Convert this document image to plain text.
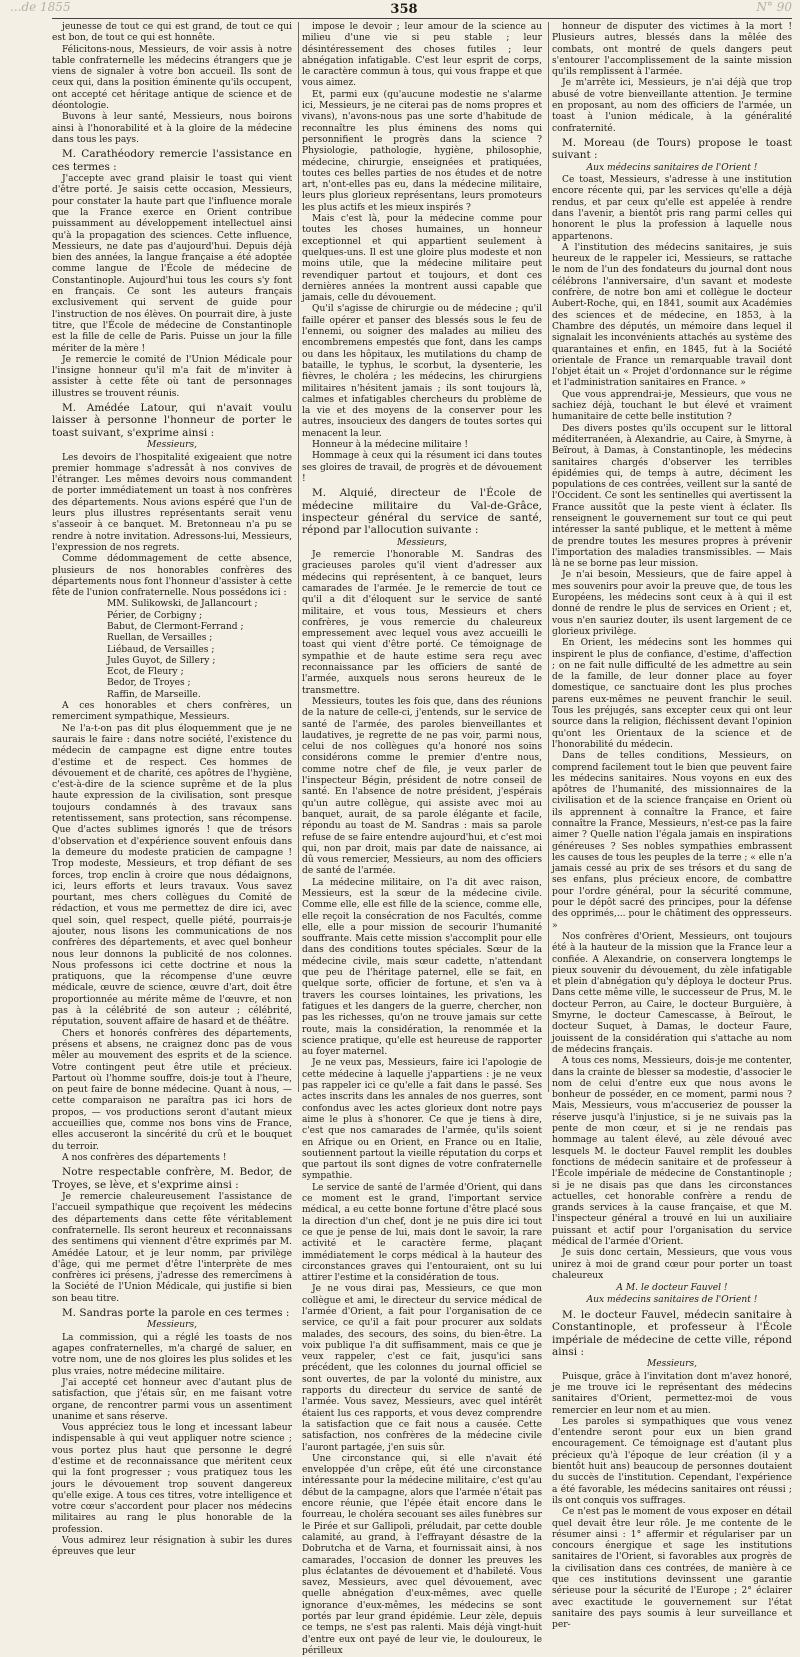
...de 1855	358	N° 90

jeunesse de tout ce qui est grand, de tout ce qui est bon, de tout ce qui est honnête.

Félicitons-nous, Messieurs, de voir assis à notre table confraternelle les médecins étrangers que je viens de signaler à votre bon accueil. Ils sont de ceux qui, dans la position éminente qu'ils occupent, ont accepté cet héritage antique de science et de déontologie.

Buvons à leur santé, Messieurs, nous boirons ainsi à l'honorabilité et à la gloire de la médecine dans tous les pays.

M. Carathéodory remercie l'assistance en ces termes :

J'accepte avec grand plaisir le toast qui vient d'être porté. Je saisis cette occasion, Messieurs, pour constater la haute part que l'influence morale que la France exerce en Orient contribue puissamment au développement intellectuel ainsi qu'à la propagation des sciences. Cette influence, Messieurs, ne date pas d'aujourd'hui. Depuis déjà bien des années, la langue française a été adoptée comme langue de l'École de médecine de Constantinople. Aujourd'hui tous les cours s'y font en français. Ce sont les auteurs français exclusivement qui servent de guide pour l'instruction de nos élèves. On pourrait dire, à juste titre, que l'École de médecine de Constantinople est la fille de celle de Paris. Puisse un jour la fille mériter de la mère !

Je remercie le comité de l'Union Médicale pour l'insigne honneur qu'il m'a fait de m'inviter à assister à cette fête où tant de personnages illustres se trouvent réunis.

M. Amédée Latour, qui n'avait voulu laisser à personne l'honneur de porter le toast suivant, s'exprime ainsi :

Messieurs,

Les devoirs de l'hospitalité exigeaient que notre premier hommage s'adressât à nos convives de l'étranger. Les mêmes devoirs nous commandent de porter immédiatement un toast à nos confrères des départements. Nous avions espéré que l'un de leurs plus illustres représentants serait venu s'asseoir à ce banquet. M. Bretonneau n'a pu se rendre à notre invitation. Adressons-lui, Messieurs, l'expression de nos regrets.

Comme dédommagement de cette absence, plusieurs de nos honorables confrères des départements nous font l'honneur d'assister à cette fête de l'union confraternelle. Nous possédons ici :

MM. Sulikowski, de Jallancourt ;

Périer, de Corbigny ;

Babut, de Clermont-Ferrand ;

Ruellan, de Versailles ;

Liébaud, de Versailles ;

Jules Guyot, de Sillery ;

Ecot, de Fleury ;

Bedor, de Troyes ;

Raffin, de Marseille.

A ces honorables et chers confrères, un remerciment sympathique, Messieurs.

Ne l'a-t-on pas dit plus éloquemment que je ne saurais le faire : dans notre société, l'existence du médecin de campagne est digne entre toutes d'estime et de respect. Ces hommes de dévouement et de charité, ces apôtres de l'hygiène, c'est-à-dire de la science suprême et de la plus haute expression de la civilisation, sont presque toujours condamnés à des travaux sans retentissement, sans protection, sans récompense. Que d'actes sublimes ignorés ! que de trésors d'observation et d'expérience souvent enfouis dans la demeure du modeste praticien de campagne ! Trop modeste, Messieurs, et trop défiant de ses forces, trop enclin à croire que nous dédaignons, ici, leurs efforts et leurs travaux. Vous savez pourtant, mes chers collègues du Comité de rédaction, et vous me permettez de dire ici, avec quel soin, quel respect, quelle piété, pourrais-je ajouter, nous lisons les communications de nos confrères des départements, et avec quel bonheur nous leur donnons la publicité de nos colonnes. Nous professons ici cette doctrine et nous la pratiquons, que la récompense d'une œuvre médicale, œuvre de science, œuvre d'art, doit être proportionnée au mérite même de l'œuvre, et non pas à la célébrité de son auteur ; célébrité, réputation, souvent affaire de hasard et de théâtre.

Chers et honorés confrères des départements, présens et absens, ne craignez donc pas de vous mêler au mouvement des esprits et de la science. Votre contingent peut être utile et précieux. Partout où l'homme souffre, dois-je tout à l'heure, on peut faire de bonne médecine. Quant à nous, — cette comparaison ne paraîtra pas ici hors de propos, — vos productions seront d'autant mieux accueillies que, comme nos bons vins de France, elles accuseront la sincérité du crû et le bouquet du terroir.

A nos confrères des départements !

Notre respectable confrère, M. Bedor, de Troyes, se lève, et s'exprime ainsi :

Je remercie chaleureusement l'assistance de l'accueil sympathique que reçoivent les médecins des départements dans cette fête véritablement confraternelle. Ils seront heureux et reconnaissans des sentimens qui viennent d'être exprimés par M. Amédée Latour, et je leur nomm, par privilège d'âge, qui me permet d'être l'interprète de mes confrères ici présens, j'adresse des remercîmens à la Société de l'Union Médicale, qui justifie si bien son beau titre.

M. Sandras porte la parole en ces termes :

Messieurs,

La commission, qui a réglé les toasts de nos agapes confraternelles, m'a chargé de saluer, en votre nom, une de nos gloires les plus solides et les plus vraies, notre médecine militaire.

J'ai accepté cet honneur avec d'autant plus de satisfaction, que j'étais sûr, en me faisant votre organe, de rencontrer parmi vous un assentiment unanime et sans réserve.

Vous appréciez tous le long et incessant labeur indispensable à qui veut appliquer notre science ; vous portez plus haut que personne le degré d'estime et de reconnaissance que méritent ceux qui la font progresser ; vous pratiquez tous les jours le dévouement trop souvent dangereux qu'elle exige. A tous ces titres, votre intelligence et votre cœur s'accordent pour placer nos médecins militaires au rang le plus honorable de la profession.

Vous admirez leur résignation à subir les dures épreuves que leur

impose le devoir ; leur amour de la science au milieu d'une vie si peu stable ; leur désintéressement des choses futiles ; leur abnégation infatigable. C'est leur esprit de corps, le caractère commun à tous, qui vous frappe et que vous aimez.

Et, parmi eux (qu'aucune modestie ne s'alarme ici, Messieurs, je ne citerai pas de noms propres et vivans), n'avons-nous pas une sorte d'habitude de reconnaître les plus éminens des noms qui personnifient le progrès dans la science ? Physiologie, pathologie, hygiène, philosophie, médecine, chirurgie, enseignées et pratiquées, toutes ces belles parties de nos études et de notre art, n'ont-elles pas eu, dans la médecine militaire, leurs plus glorieux représentans, leurs promoteurs les plus actifs et les mieux inspirés ?

Mais c'est là, pour la médecine comme pour toutes les choses humaines, un honneur exceptionnel et qui appartient seulement à quelques-uns. Il est une gloire plus modeste et non moins utile, que la médecine militaire peut revendiquer partout et toujours, et dont ces dernières années la montrent aussi capable que jamais, celle du dévouement.

Qu'il s'agisse de chirurgie ou de médecine ; qu'il faille opérer et panser des blessés sous le feu de l'ennemi, ou soigner des malades au milieu des encombremens empestés que font, dans les camps ou dans les hôpitaux, les mutilations du champ de bataille, le typhus, le scorbut, la dysenterie, les fièvres, le choléra ; les médecins, les chirurgiens militaires n'hésitent jamais ; ils sont toujours là, calmes et infatigables chercheurs du problème de la vie et des moyens de la conserver pour les autres, insoucieux des dangers de toutes sortes qui menacent la leur.

Honneur à la médecine militaire !

Hommage à ceux qui la résument ici dans toutes ses gloires de travail, de progrès et de dévouement !

M. Alquié, directeur de l'École de médecine militaire du Val-de-Grâce, inspecteur général du service de santé, répond par l'allocution suivante :

Messieurs,

Je remercie l'honorable M. Sandras des gracieuses paroles qu'il vient d'adresser aux médecins qui représentent, à ce banquet, leurs camarades de l'armée. Je le remercie de tout ce qu'il a dit d'éloquent sur le service de santé militaire, et vous tous, Messieurs et chers confrères, je vous remercie du chaleureux empressement avec lequel vous avez accueilli le toast qui vient d'être porté. Ce témoignage de sympathie et de haute estime sera reçu avec reconnaissance par les officiers de santé de l'armée, auxquels nous serons heureux de le transmettre.

Messieurs, toutes les fois que, dans des réunions de la nature de celle-ci, j'entends, sur le service de santé de l'armée, des paroles bienveillantes et laudatives, je regrette de ne pas voir, parmi nous, celui de nos collègues qu'a honoré nos soins considérons comme le premier d'entre nous, comme notre chef de file, je veux parler de l'inspecteur Bégin, président de notre conseil de santé. En l'absence de notre président, j'espérais qu'un autre collègue, qui assiste avec moi au banquet, aurait, de sa parole élégante et facile, répondu au toast de M. Sandras : mais sa parole refuse de se faire entendre aujourd'hui, et c'est moi qui, non par droit, mais par date de naissance, ai dû vous remercier, Messieurs, au nom des officiers de santé de l'armée.

La médecine militaire, on l'a dit avec raison, Messieurs, est la sœur de la médecine civile. Comme elle, elle est fille de la science, comme elle, elle reçoit la consécration de nos Facultés, comme elle, elle a pour mission de secourir l'humanité souffrante. Mais cette mission s'accomplit pour elle dans des conditions toutes spéciales. Sœur de la médecine civile, mais sœur cadette, n'attendant que peu de l'héritage paternel, elle se fait, en quelque sorte, officier de fortune, et s'en va à travers les courses lointaines, les privations, les fatigues et les dangers de la guerre, chercher, non pas les richesses, qu'on ne trouve jamais sur cette route, mais la considération, la renommée et la science pratique, qu'elle est heureuse de rapporter au foyer maternel.

Je ne veux pas, Messieurs, faire ici l'apologie de cette médecine à laquelle j'appartiens : je ne veux pas rappeler ici ce qu'elle a fait dans le passé. Ses actes inscrits dans les annales de nos guerres, sont confondus avec les actes glorieux dont notre pays aime le plus à s'honorer. Ce que je tiens à dire, c'est que nos camarades de l'armée, qu'ils soient en Afrique ou en Orient, en France ou en Italie, soutiennent partout la vieille réputation du corps et que partout ils sont dignes de votre confraternelle sympathie.

Le service de santé de l'armée d'Orient, qui dans ce moment est le grand, l'important service médical, a eu cette bonne fortune d'être placé sous la direction d'un chef, dont je ne puis dire ici tout ce que je pense de lui, mais dont le savoir, la rare activité et le caractère ferme, plaçant immédiatement le corps médical à la hauteur des circonstances graves qui l'entouraient, ont su lui attirer l'estime et la considération de tous.

Je ne vous dirai pas, Messieurs, ce que mon collègue et ami, le directeur du service médical de l'armée d'Orient, a fait pour l'organisation de ce service, ce qu'il a fait pour procurer aux soldats malades, des secours, des soins, du bien-être. La voix publique l'a dit suffisamment, mais ce que je veux rappeler, c'est ce fait, jusqu'ici sans précédent, que les colonnes du journal officiel se sont ouvertes, de par la volonté du ministre, aux rapports du directeur du service de santé de l'armée. Vous savez, Messieurs, avec quel intérêt étaient lus ces rapports, et vous devez comprendre la satisfaction que ce fait nous a causée. Cette satisfaction, nos confrères de la médecine civile l'auront partagée, j'en suis sûr.

Une circonstance qui, si elle n'avait été enveloppée d'un crêpe, eût été une circonstance intéressante pour la médecine militaire, c'est qu'au début de la campagne, alors que l'armée n'était pas encore réunie, que l'épée était encore dans le fourreau, le choléra secouant ses ailes funèbres sur le Pirée et sur Gallipoli, préludait, par cette double calamité, au grand, à l'effrayant désastre de la Dobrutcha et de Varna, et fournissait ainsi, à nos camarades, l'occasion de donner les preuves les plus éclatantes de dévouement et d'habileté. Vous savez, Messieurs, avec quel dévouement, avec quelle abnégation d'eux-mêmes, avec quelle ignorance d'eux-mêmes, les médecins se sont portés par leur grand épidémie. Leur zèle, depuis ce temps, ne s'est pas ralenti. Mais déjà vingt-huit d'entre eux ont payé de leur vie, le douloureux, le périlleux

honneur de disputer des victimes à la mort ! Plusieurs autres, blessés dans la mêlée des combats, ont montré de quels dangers peut s'entourer l'accomplissement de la sainte mission qu'ils remplissent à l'armée.

Je m'arrête ici, Messieurs, je n'ai déjà que trop abusé de votre bienveillante attention. Je termine en proposant, au nom des officiers de l'armée, un toast à l'union médicale, à la généralité confraternité.

M. Moreau (de Tours) propose le toast suivant :

Aux médecins sanitaires de l'Orient !

Ce toast, Messieurs, s'adresse à une institution encore récente qui, par les services qu'elle a déjà rendus, et par ceux qu'elle est appelée à rendre dans l'avenir, a bientôt pris rang parmi celles qui honorent le plus la profession à laquelle nous appartenons.

A l'institution des médecins sanitaires, je suis heureux de le rappeler ici, Messieurs, se rattache le nom de l'un des fondateurs du journal dont nous célébrons l'anniversaire, d'un savant et modeste confrère, de notre bon ami et collègue le docteur Aubert-Roche, qui, en 1841, soumit aux Académies des sciences et de médecine, en 1853, à la Chambre des députés, un mémoire dans lequel il signalait les inconvénients attachés au système des quarantaines et enfin, en 1845, fut à la Société orientale de France un remarquable travail dont l'objet était un « Projet d'ordonnance sur le régime et l'administration sanitaires en France. »

Que vous apprendrai-je, Messieurs, que vous ne sachiez déjà, touchant le but élevé et vraiment humanitaire de cette belle institution ?

Des divers postes qu'ils occupent sur le littoral méditerranéen, à Alexandrie, au Caire, à Smyrne, à Beïrout, à Damas, à Constantinople, les médecins sanitaires chargés d'observer les terribles épidémies qui, de temps à autre, déciment les populations de ces contrées, veillent sur la santé de l'Occident. Ce sont les sentinelles qui avertissent la France aussitôt que la peste vient à éclater. Ils renseignent le gouvernement sur tout ce qui peut intéresser la santé publique, et le mettent à même de prendre toutes les mesures propres à prévenir l'importation des maladies transmissibles. — Mais là ne se borne pas leur mission.

Je n'ai besoin, Messieurs, que de faire appel à mes souvenirs pour avoir la preuve que, de tous les Européens, les médecins sont ceux à à qui il est donné de rendre le plus de services en Orient ; et, vous n'en sauriez douter, ils usent largement de ce glorieux privilège.

En Orient, les médecins sont les hommes qui inspirent le plus de confiance, d'estime, d'affection ; on ne fait nulle difficulté de les admettre au sein de la famille, de leur donner place au foyer domestique, ce sanctuaire dont les plus proches parens eux-mêmes ne peuvent franchir le seuil. Tous les préjugés, sans excepter ceux qui ont leur source dans la religion, fléchissent devant l'opinion qu'ont les Orientaux de la science et de l'honorabilité du médecin.

Dans de telles conditions, Messieurs, on comprend facilement tout le bien que peuvent faire les médecins sanitaires. Nous voyons en eux des apôtres de l'humanité, des missionnaires de la civilisation et de la science française en Orient où ils apprennent à connaître la France, et faire connaître la France, Messieurs, n'est-ce pas la faire aimer ? Quelle nation l'égala jamais en inspirations généreuses ? Ses nobles sympathies embrassent les causes de tous les peuples de la terre ; « elle n'a jamais cessé au prix de ses trésors et du sang de ses enfans, plus précieux encore, de combattre pour l'ordre général, pour la sécurité commune, pour le dépôt sacré des principes, pour la défense des opprimés,... pour le châtiment des oppresseurs. »

Nos confrères d'Orient, Messieurs, ont toujours été à la hauteur de la mission que la France leur a confiée. A Alexandrie, on conservera longtemps le pieux souvenir du dévouement, du zèle infatigable et plein d'abnégation qu'y déploya le docteur Prus. Dans cette même ville, le successeur de Prus, M. le docteur Perron, au Caire, le docteur Burguière, à Smyrne, le docteur Camescasse, à Beïrout, le docteur Suquet, à Damas, le docteur Faure, jouissent de la considération qui s'attache au nom de médecins français.

A tous ces noms, Messieurs, dois-je me contenter, dans la crainte de blesser sa modestie, d'associer le nom de celui d'entre eux que nous avons le bonheur de posséder, en ce moment, parmi nous ? Mais, Messieurs, vous m'accuseriez de pousser la réserve jusqu'à l'injustice, si je ne suivais pas la pente de mon cœur, et si je ne rendais pas hommage au talent élevé, au zèle dévoué avec lesquels M. le docteur Fauvel remplit les doubles fonctions de médecin sanitaire et de professeur à l'École impériale de médecine de Constantinople ; si je ne disais pas que dans les circonstances actuelles, cet honorable confrère a rendu de grands services à la cause française, et que M. l'inspecteur général a trouvé en lui un auxiliaire puissant et actif pour l'organisation du service médical de l'armée d'Orient.

Je suis donc certain, Messieurs, que vous vous unirez à moi de grand cœur pour porter un toast chaleureux

A M. le docteur Fauvel !

Aux médecins sanitaires de l'Orient !

M. le docteur Fauvel, médecin sanitaire à Constantinople, et professeur à l'École impériale de médecine de cette ville, répond ainsi :

Messieurs,

Puisque, grâce à l'invitation dont m'avez honoré, je me trouve ici le représentant des médecins sanitaires d'Orient, permettez-moi de vous remercier en leur nom et au mien.

Les paroles si sympathiques que vous venez d'entendre seront pour eux un bien grand encouragement. Ce témoignage est d'autant plus précieux qu'à l'époque de leur création (il y a bientôt huit ans) beaucoup de personnes doutaient du succès de l'institution. Cependant, l'expérience a été favorable, les médecins sanitaires ont réussi ; ils ont conquis vos suffrages.

Ce n'est pas le moment de vous exposer en détail quel devait être leur rôle. Je me contente de le résumer ainsi : 1° affermir et régulariser par un concours énergique et sage les institutions sanitaires de l'Orient, si favorables aux progrès de la civilisation dans ces contrées, de manière à ce que ces institutions devinssent une garantie sérieuse pour la sécurité de l'Europe ; 2° éclairer avec exactitude le gouvernement sur l'état sanitaire des pays soumis à leur surveillance et per-
